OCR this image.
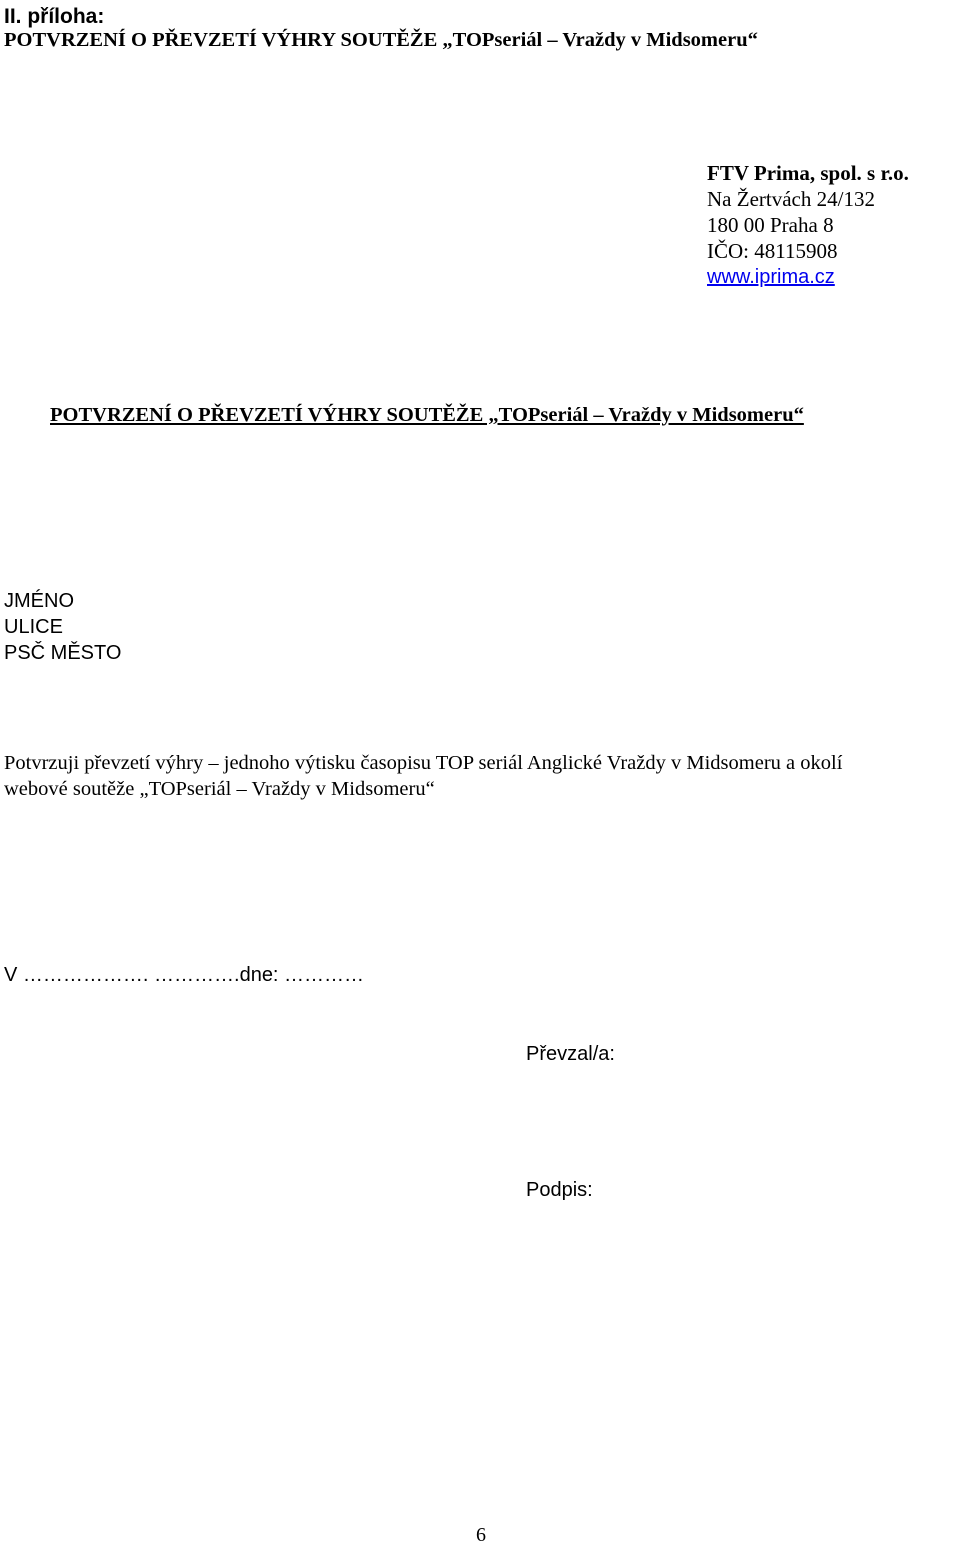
II. příloha:
POTVRZENÍ O PŘEVZETÍ VÝHRY SOUTĚŽE „TOPseriál – Vraždy v Midsomeru“
FTV Prima, spol. s r.o.
Na Žertvách 24/132
180 00 Praha 8
IČO: 48115908
www.iprima.cz
POTVRZENÍ O PŘEVZETÍ VÝHRY SOUTĚŽE „TOPseriál – Vraždy v Midsomeru“
JMÉNO
ULICE
PSČ MĚSTO
Potvrzuji převzetí výhry – jednoho výtisku časopisu TOP seriál Anglické Vraždy v Midsomeru a okolí
webové soutěže „TOPseriál – Vraždy v Midsomeru“
V ………………. ………….dne: …………
Převzal/a:
Podpis:
6
